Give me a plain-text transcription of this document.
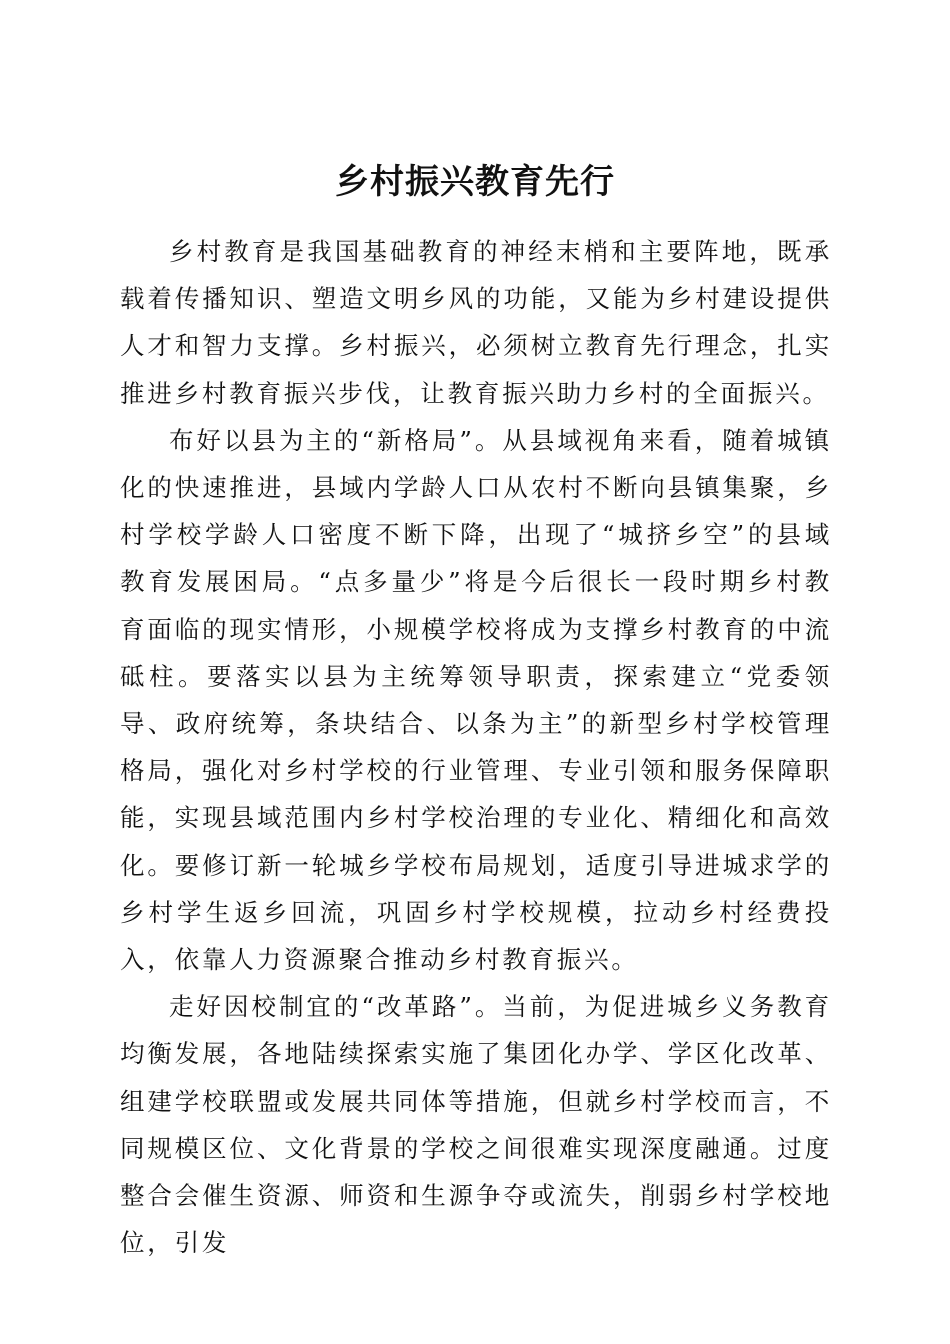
乡村振兴教育先行

乡村教育是我国基础教育的神经末梢和主要阵地，既承载着传播知识、塑造文明乡风的功能，又能为乡村建设提供人才和智力支撑。乡村振兴，必须树立教育先行理念，扎实推进乡村教育振兴步伐，让教育振兴助力乡村的全面振兴。

布好以县为主的“新格局”。从县域视角来看，随着城镇化的快速推进，县域内学龄人口从农村不断向县镇集聚，乡村学校学龄人口密度不断下降，出现了“城挤乡空”的县域教育发展困局。“点多量少”将是今后很长一段时期乡村教育面临的现实情形，小规模学校将成为支撑乡村教育的中流砥柱。要落实以县为主统筹领导职责，探索建立“党委领导、政府统筹，条块结合、以条为主”的新型乡村学校管理格局，强化对乡村学校的行业管理、专业引领和服务保障职能，实现县域范围内乡村学校治理的专业化、精细化和高效化。要修订新一轮城乡学校布局规划，适度引导进城求学的乡村学生返乡回流，巩固乡村学校规模，拉动乡村经费投入，依靠人力资源聚合推动乡村教育振兴。

走好因校制宜的“改革路”。当前，为促进城乡义务教育均衡发展，各地陆续探索实施了集团化办学、学区化改革、组建学校联盟或发展共同体等措施，但就乡村学校而言，不同规模区位、文化背景的学校之间很难实现深度融通。过度整合会催生资源、师资和生源争夺或流失，削弱乡村学校地位，引发
